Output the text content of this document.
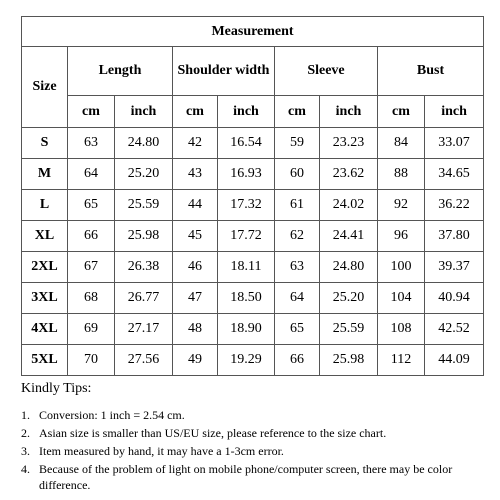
Measurement								
Size	Length		Shoulder width		Sleeve		Bust	
	cm	inch	cm	inch	cm	inch	cm	inch
S	63	24.80	42	16.54	59	23.23	84	33.07
M	64	25.20	43	16.93	60	23.62	88	34.65
L	65	25.59	44	17.32	61	24.02	92	36.22
XL	66	25.98	45	17.72	62	24.41	96	37.80
2XL	67	26.38	46	18.11	63	24.80	100	39.37
3XL	68	26.77	47	18.50	64	25.20	104	40.94
4XL	69	27.17	48	18.90	65	25.59	108	42.52
5XL	70	27.56	49	19.29	66	25.98	112	44.09
Kindly Tips:
1. Conversion: 1 inch = 2.54 cm.
2. Asian size is smaller than US/EU size, please reference to the size chart.
3. Item measured by hand, it may have a 1-3cm error.
4. Because of the problem of light on mobile phone/computer screen, there may be color difference.
